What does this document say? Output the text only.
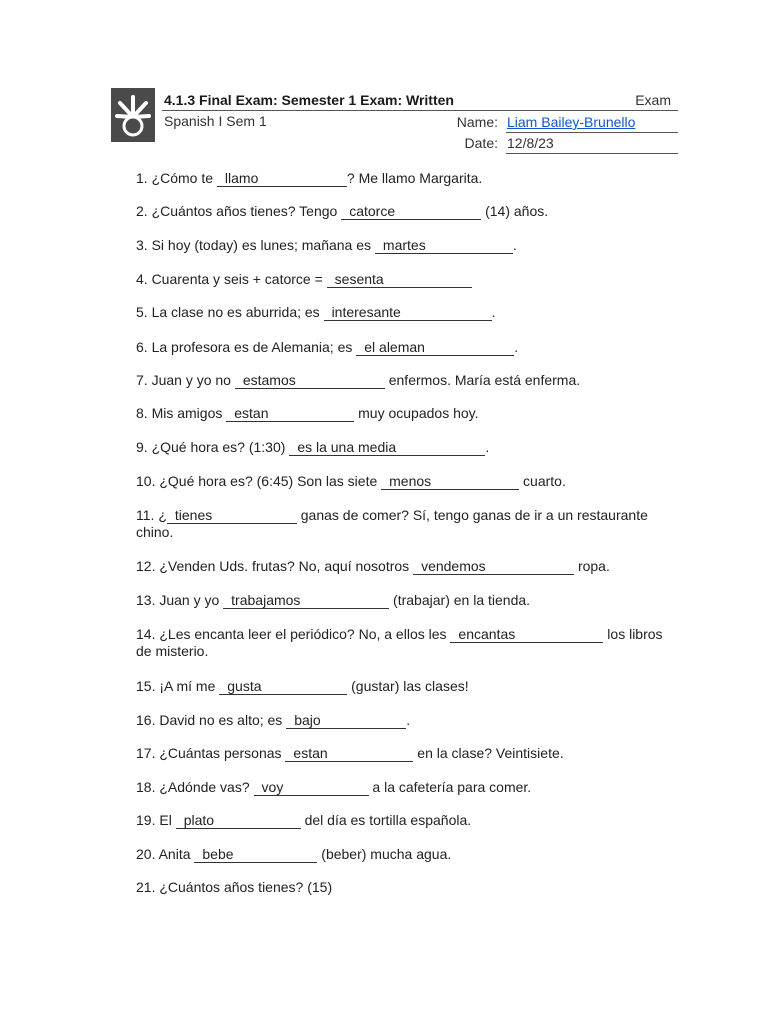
4.1.3 Final Exam: Semester 1 Exam: Written	Exam
Spanish I Sem 1	Name: Liam Bailey-Brunello
Date: 12/8/23
1. ¿Cómo te llamo	? Me llamo Margarita.
2. ¿Cuántos años tienes? Tengo catorce	(14) años.
3. Si hoy (today) es lunes; mañana es martes	.
4. Cuarenta y seis + catorce = sesenta
5. La clase no es aburrida; es interesante	.
6. La profesora es de Alemania; es el aleman	.
7. Juan y yo no estamos	enfermos. María está enferma.
8. Mis amigos estan	muy ocupados hoy.
9. ¿Qué hora es? (1:30) es la una media	.
10. ¿Qué hora es? (6:45) Son las siete menos	cuarto.
11. ¿ tienes	ganas de comer? Sí, tengo ganas de ir a un restaurante chino.
12. ¿Venden Uds. frutas? No, aquí nosotros vendemos	ropa.
13. Juan y yo trabajamos	(trabajar) en la tienda.
14. ¿Les encanta leer el periódico? No, a ellos les encantas	los libros de misterio.
15. ¡A mí me gusta	(gustar) las clases!
16. David no es alto; es bajo	.
17. ¿Cuántas personas estan	en la clase? Veintisiete.
18. ¿Adónde vas? voy	a la cafetería para comer.
19. El plato	del día es tortilla española.
20. Anita bebe	(beber) mucha agua.
21. ¿Cuántos años tienes? (15)
